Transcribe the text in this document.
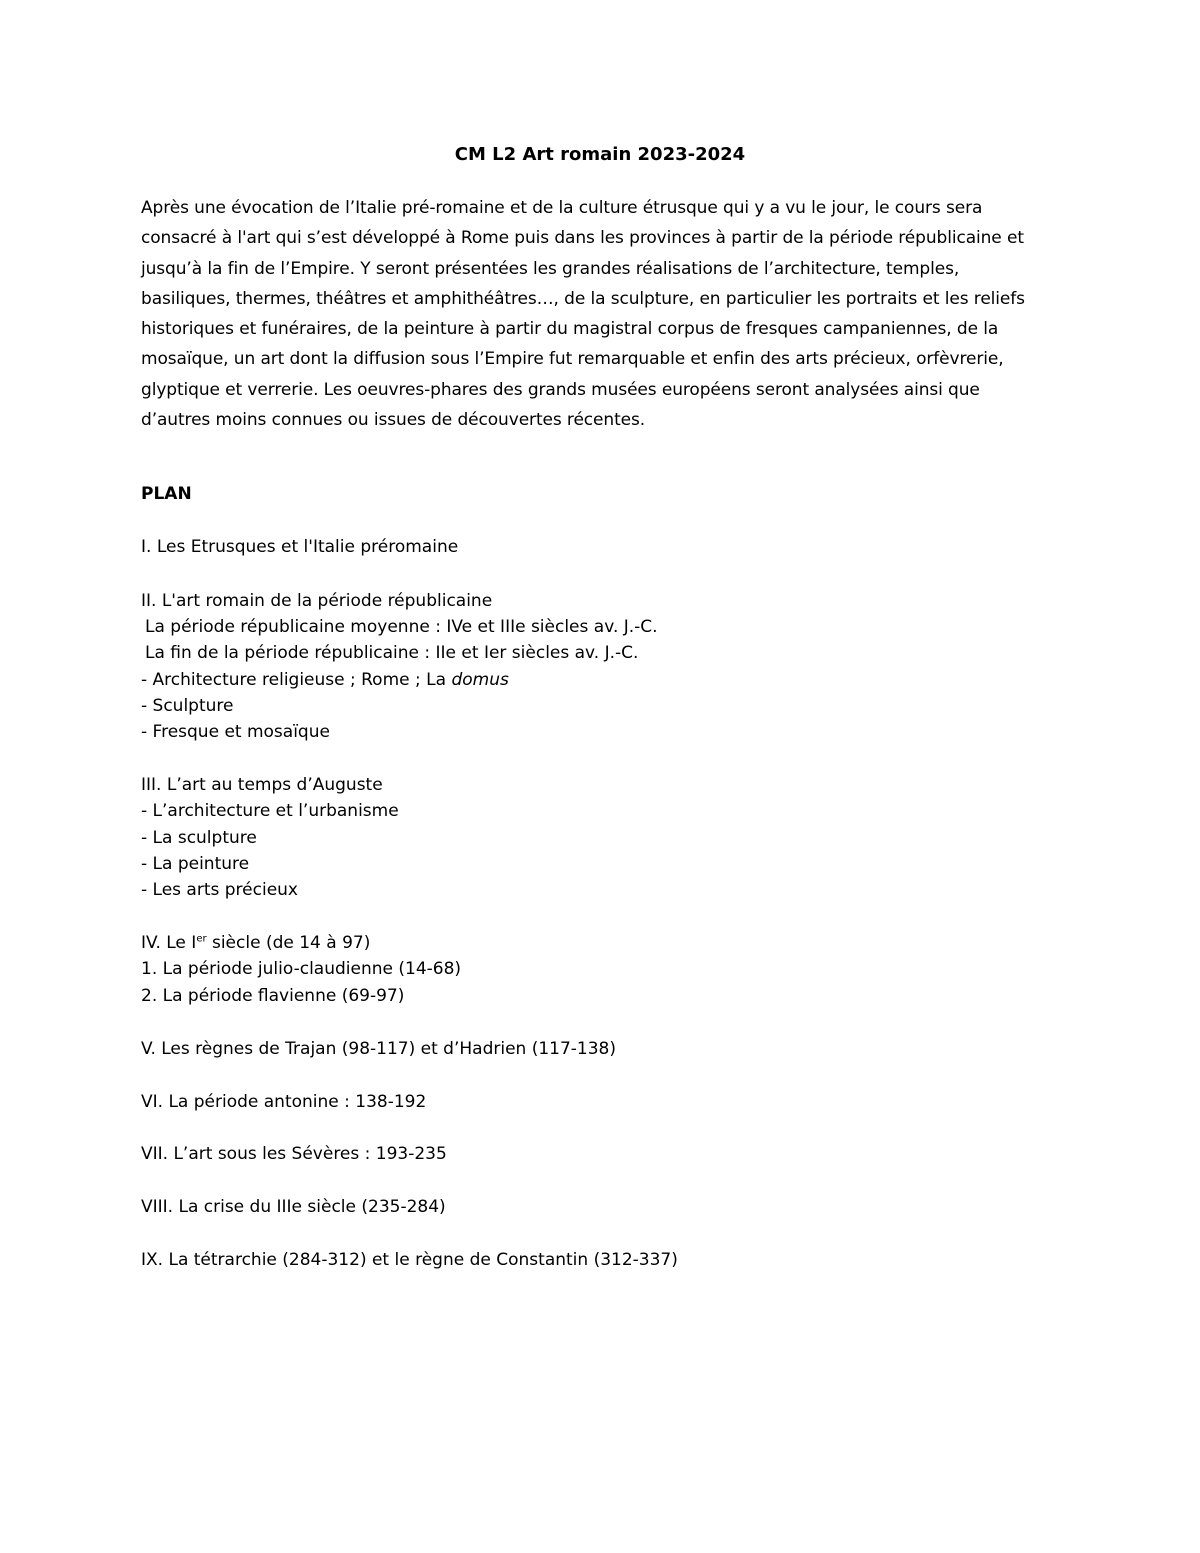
CM L2 Art romain 2023-2024

Après une évocation de l’Italie pré-romaine et de la culture étrusque qui y a vu le jour, le cours sera
consacré à l'art qui s’est développé à Rome puis dans les provinces à partir de la période républicaine et
jusqu’à la fin de l’Empire. Y seront présentées les grandes réalisations de l’architecture, temples,
basiliques, thermes, théâtres et amphithéâtres…, de la sculpture, en particulier les portraits et les reliefs
historiques et funéraires, de la peinture à partir du magistral corpus de fresques campaniennes, de la
mosaïque, un art dont la diffusion sous l’Empire fut remarquable et enfin des arts précieux, orfèvrerie,
glyptique et verrerie. Les oeuvres-phares des grands musées européens seront analysées ainsi que
d’autres moins connues ou issues de découvertes récentes.

PLAN
I. Les Etrusques et l'Italie préromaine
II. L'art romain de la période républicaine
La période républicaine moyenne : IVe et IIIe siècles av. J.-C.
La fin de la période républicaine : IIe et Ier siècles av. J.-C.
- Architecture religieuse ; Rome ; La domus
- Sculpture
- Fresque et mosaïque
III. L’art au temps d’Auguste
- L’architecture et l’urbanisme
- La sculpture
- La peinture
- Les arts précieux
IV. Le Ier siècle (de 14 à 97)
1. La période julio-claudienne (14-68)
2. La période flavienne (69-97)
V. Les règnes de Trajan (98-117) et d’Hadrien (117-138)
VI. La période antonine : 138-192
VII. L’art sous les Sévères : 193-235
VIII. La crise du IIIe siècle (235-284)
IX. La tétrarchie (284-312) et le règne de Constantin (312-337)
